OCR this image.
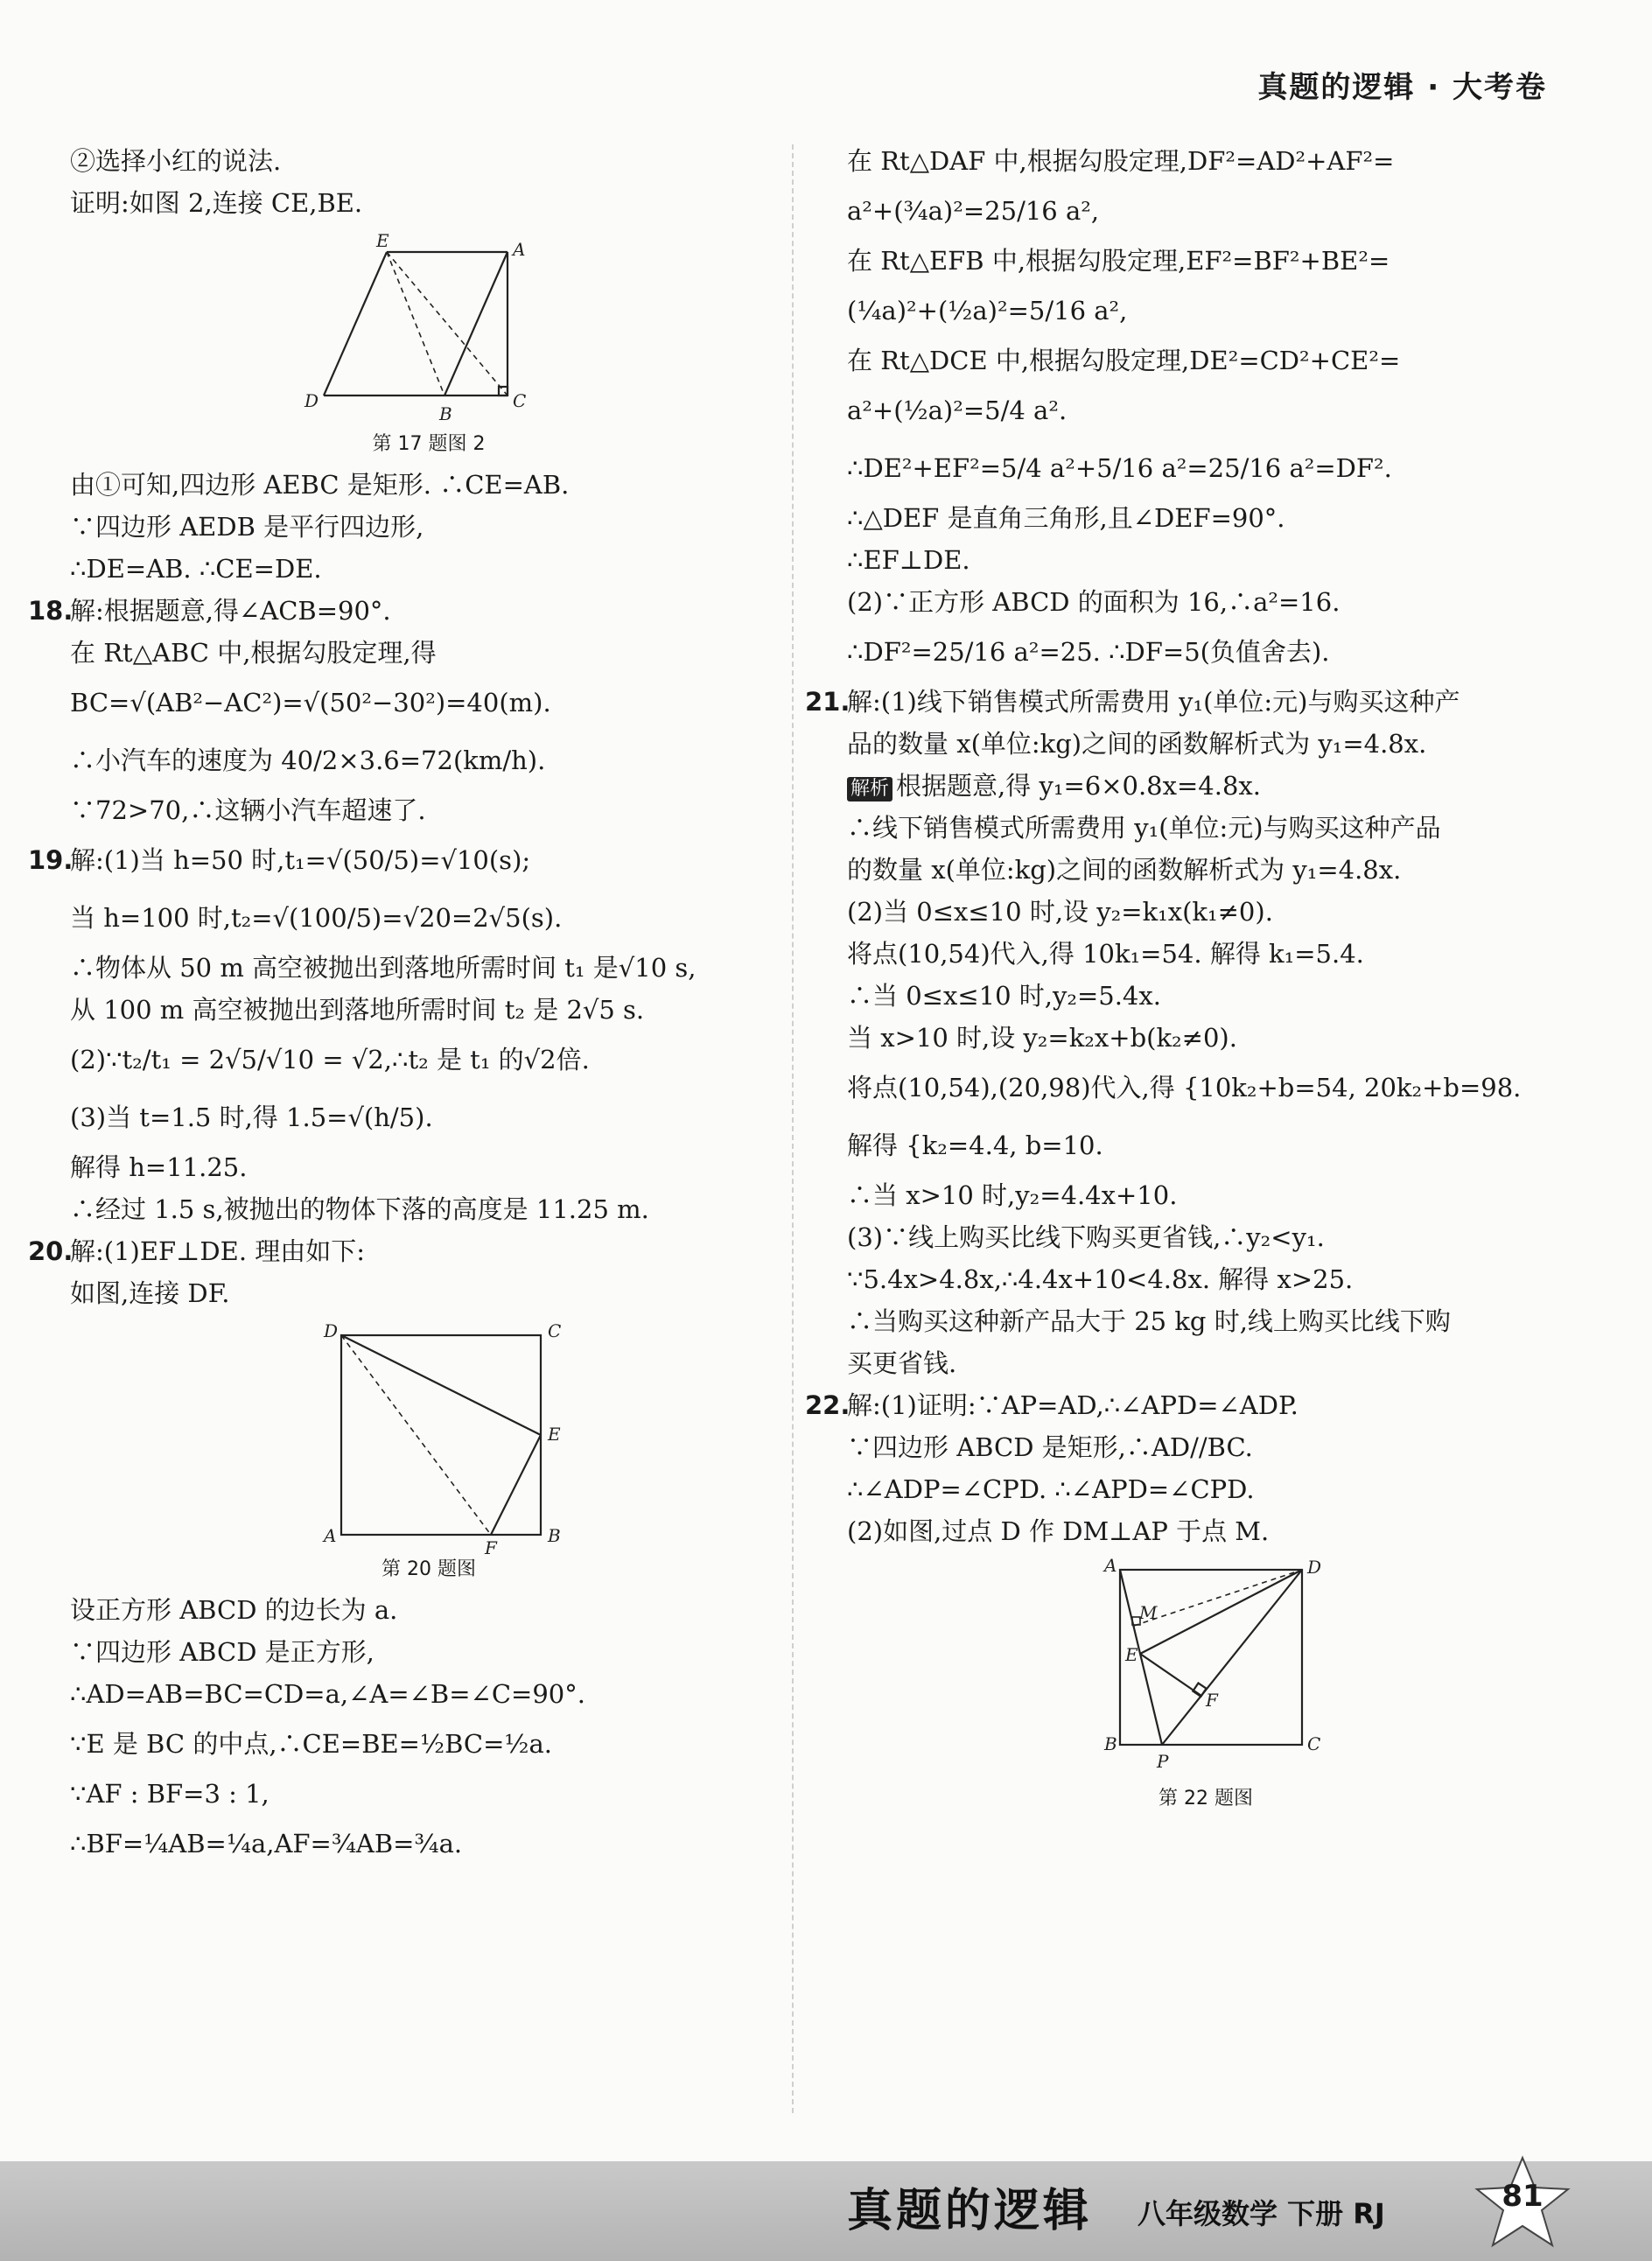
真题的逻辑 · 大考卷
②选择小红的说法.
证明:如图 2,连接 CE,BE.
E	A
D
B
C
第 17 题图 2
由①可知,四边形 AEBC 是矩形. ∴CE=AB.
∵四边形 AEDB 是平行四边形,
∴DE=AB. ∴CE=DE.
18.解:根据题意,得∠ACB=90°.
在 Rt△ABC 中,根据勾股定理,得
BC=√(AB²−AC²)=√(50²−30²)=40(m).
∴小汽车的速度为 40/2×3.6=72(km/h).
∵72>70,∴这辆小汽车超速了.
19.解:(1)当 h=50 时,t₁=√(50/5)=√10(s);
当 h=100 时,t₂=√(100/5)=√20=2√5(s).
∴物体从 50 m 高空被抛出到落地所需时间 t₁ 是√10 s,
从 100 m 高空被抛出到落地所需时间 t₂ 是 2√5 s.
(2)∵t₂/t₁ = 2√5/√10 = √2,∴t₂ 是 t₁ 的√2倍.
(3)当 t=1.5 时,得 1.5=√(h/5).
解得 h=11.25.
∴经过 1.5 s,被抛出的物体下落的高度是 11.25 m.
20.解:(1)EF⊥DE. 理由如下:
如图,连接 DF.
D	C
E
A
F
B
第 20 题图
设正方形 ABCD 的边长为 a.
∵四边形 ABCD 是正方形,
∴AD=AB=BC=CD=a,∠A=∠B=∠C=90°.
∵E 是 BC 的中点,∴CE=BE=½BC=½a.
∵AF : BF=3 : 1,
∴BF=¼AB=¼a,AF=¾AB=¾a.
在 Rt△DAF 中,根据勾股定理,DF²=AD²+AF²=
a²+(¾a)²=25/16 a²,
在 Rt△EFB 中,根据勾股定理,EF²=BF²+BE²=
(¼a)²+(½a)²=5/16 a²,
在 Rt△DCE 中,根据勾股定理,DE²=CD²+CE²=
a²+(½a)²=5/4 a².
∴DE²+EF²=5/4 a²+5/16 a²=25/16 a²=DF².
∴△DEF 是直角三角形,且∠DEF=90°.
∴EF⊥DE.
(2)∵正方形 ABCD 的面积为 16,∴a²=16.
∴DF²=25/16 a²=25. ∴DF=5(负值舍去).
21.解:(1)线下销售模式所需费用 y₁(单位:元)与购买这种产
品的数量 x(单位:kg)之间的函数解析式为 y₁=4.8x.
解析 根据题意,得 y₁=6×0.8x=4.8x.
∴线下销售模式所需费用 y₁(单位:元)与购买这种产品
的数量 x(单位:kg)之间的函数解析式为 y₁=4.8x.
(2)当 0≤x≤10 时,设 y₂=k₁x(k₁≠0).
将点(10,54)代入,得 10k₁=54. 解得 k₁=5.4.
∴当 0≤x≤10 时,y₂=5.4x.
当 x>10 时,设 y₂=k₂x+b(k₂≠0).
将点(10,54),(20,98)代入,得 {10k₂+b=54, 20k₂+b=98.
解得 {k₂=4.4, b=10.
∴当 x>10 时,y₂=4.4x+10.
(3)∵线上购买比线下购买更省钱,∴y₂<y₁.
∵5.4x>4.8x,∴4.4x+10<4.8x. 解得 x>25.
∴当购买这种新产品大于 25 kg 时,线上购买比线下购
买更省钱.
22.解:(1)证明:∵AP=AD,∴∠APD=∠ADP.
∵四边形 ABCD 是矩形,∴AD//BC.
∴∠ADP=∠CPD. ∴∠APD=∠CPD.
(2)如图,过点 D 作 DM⊥AP 于点 M.
A	D
M
E
F
B
P
C
第 22 题图
真题的逻辑 八年级数学 下册 RJ	81
